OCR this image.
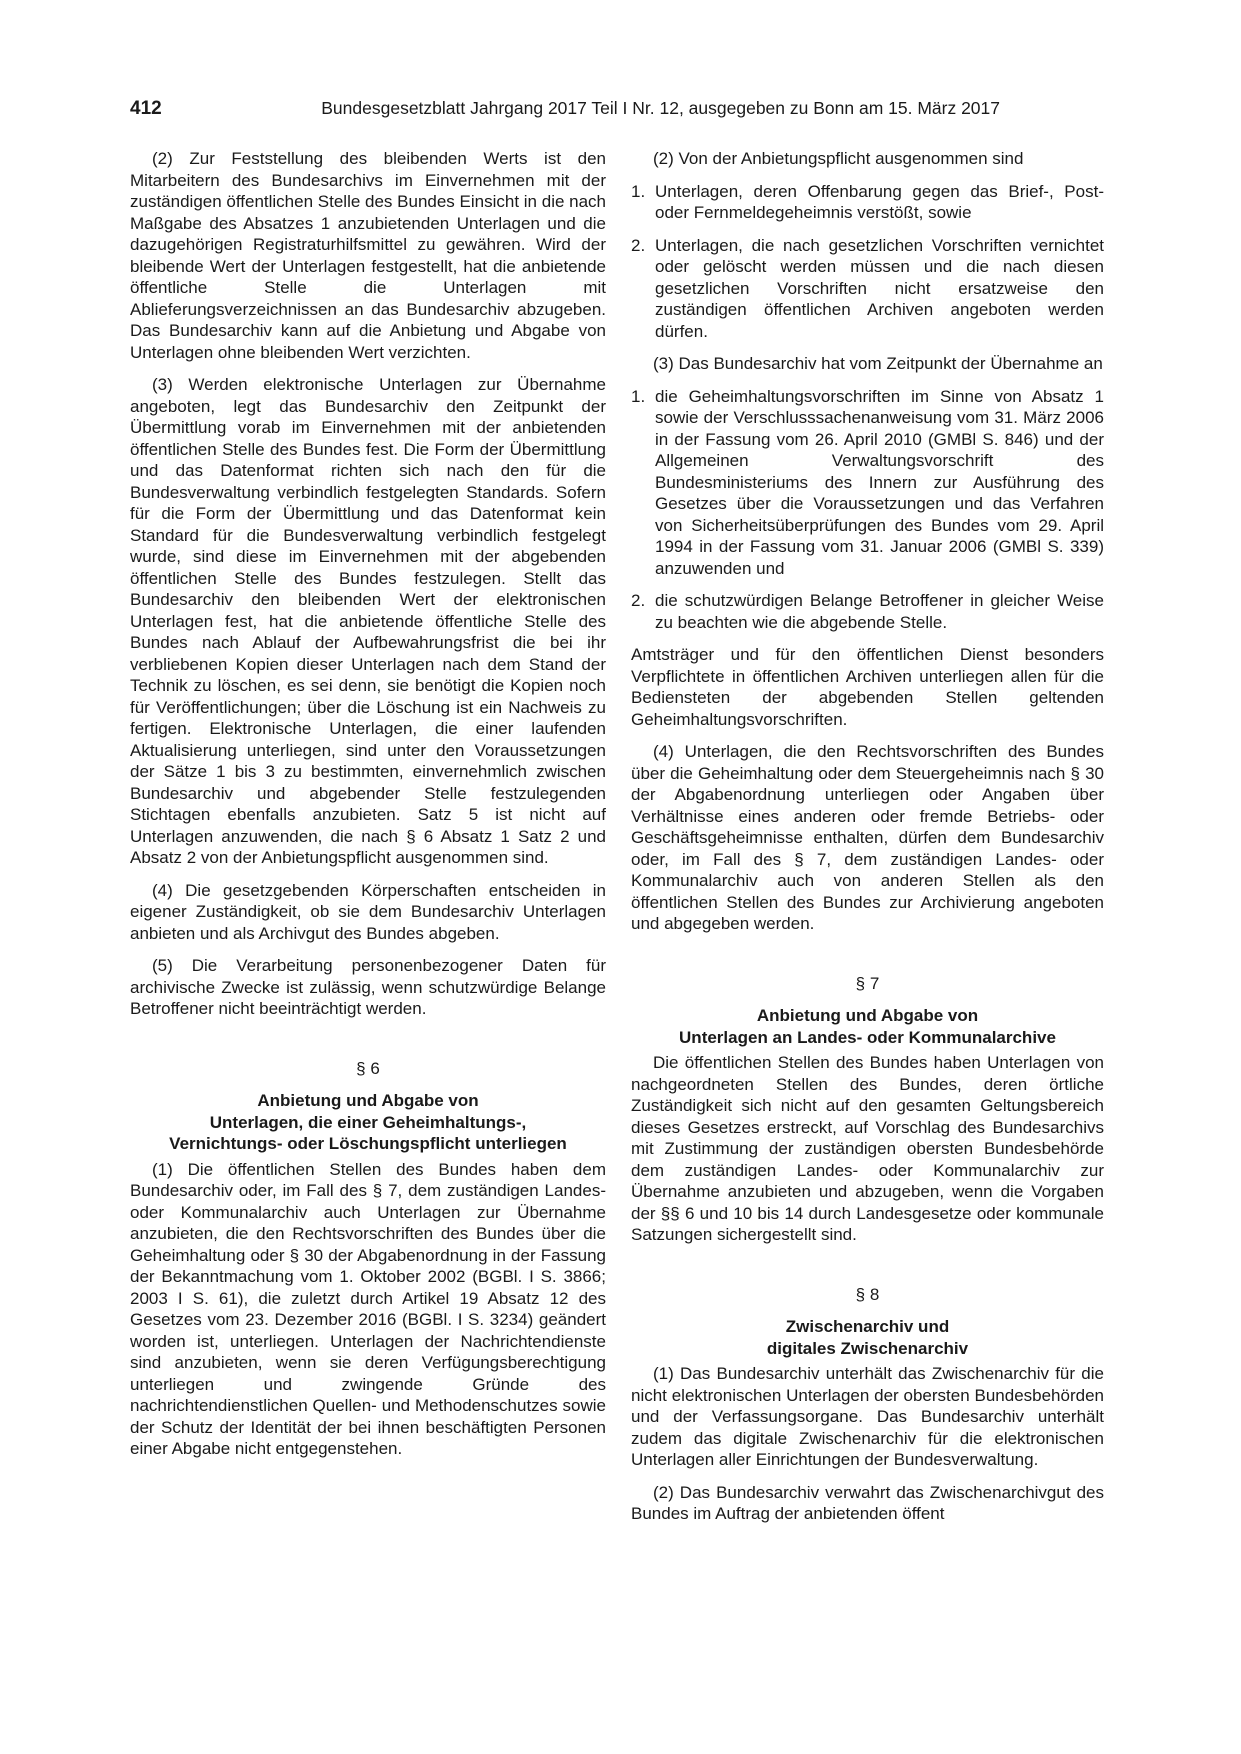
412	Bundesgesetzblatt Jahrgang 2017 Teil I Nr. 12, ausgegeben zu Bonn am 15. März 2017

(2) Zur Feststellung des bleibenden Werts ist den Mitarbeitern des Bundesarchivs im Einvernehmen mit der zuständigen öffentlichen Stelle des Bundes Einsicht in die nach Maßgabe des Absatzes 1 anzubietenden Unterlagen und die dazugehörigen Registraturhilfsmittel zu gewähren. Wird der bleibende Wert der Unterlagen festgestellt, hat die anbietende öffentliche Stelle die Unterlagen mit Ablieferungsverzeichnissen an das Bundesarchiv abzugeben. Das Bundesarchiv kann auf die Anbietung und Abgabe von Unterlagen ohne bleibenden Wert verzichten.

(3) Werden elektronische Unterlagen zur Übernahme angeboten, legt das Bundesarchiv den Zeitpunkt der Übermittlung vorab im Einvernehmen mit der anbietenden öffentlichen Stelle des Bundes fest. Die Form der Übermittlung und das Datenformat richten sich nach den für die Bundesverwaltung verbindlich festgelegten Standards. Sofern für die Form der Übermittlung und das Datenformat kein Standard für die Bundesverwaltung verbindlich festgelegt wurde, sind diese im Einvernehmen mit der abgebenden öffentlichen Stelle des Bundes festzulegen. Stellt das Bundesarchiv den bleibenden Wert der elektronischen Unterlagen fest, hat die anbietende öffentliche Stelle des Bundes nach Ablauf der Aufbewahrungsfrist die bei ihr verbliebenen Kopien dieser Unterlagen nach dem Stand der Technik zu löschen, es sei denn, sie benötigt die Kopien noch für Veröffentlichungen; über die Löschung ist ein Nachweis zu fertigen. Elektronische Unterlagen, die einer laufenden Aktualisierung unterliegen, sind unter den Voraussetzungen der Sätze 1 bis 3 zu bestimmten, einvernehmlich zwischen Bundesarchiv und abgebender Stelle festzulegenden Stichtagen ebenfalls anzubieten. Satz 5 ist nicht auf Unterlagen anzuwenden, die nach § 6 Absatz 1 Satz 2 und Absatz 2 von der Anbietungspflicht ausgenommen sind.

(4) Die gesetzgebenden Körperschaften entscheiden in eigener Zuständigkeit, ob sie dem Bundesarchiv Unterlagen anbieten und als Archivgut des Bundes abgeben.

(5) Die Verarbeitung personenbezogener Daten für archivische Zwecke ist zulässig, wenn schutzwürdige Belange Betroffener nicht beeinträchtigt werden.

§ 6
Anbietung und Abgabe von
Unterlagen, die einer Geheimhaltungs-,
Vernichtungs- oder Löschungspflicht unterliegen

(1) Die öffentlichen Stellen des Bundes haben dem Bundesarchiv oder, im Fall des § 7, dem zuständigen Landes- oder Kommunalarchiv auch Unterlagen zur Übernahme anzubieten, die den Rechtsvorschriften des Bundes über die Geheimhaltung oder § 30 der Abgabenordnung in der Fassung der Bekanntmachung vom 1. Oktober 2002 (BGBl. I S. 3866; 2003 I S. 61), die zuletzt durch Artikel 19 Absatz 12 des Gesetzes vom 23. Dezember 2016 (BGBl. I S. 3234) geändert worden ist, unterliegen. Unterlagen der Nachrichtendienste sind anzubieten, wenn sie deren Verfügungsberechtigung unterliegen und zwingende Gründe des nachrichtendienstlichen Quellen- und Methodenschutzes sowie der Schutz der Identität der bei ihnen beschäftigten Personen einer Abgabe nicht entgegenstehen.

(2) Von der Anbietungspflicht ausgenommen sind

1. Unterlagen, deren Offenbarung gegen das Brief-, Post- oder Fernmeldegeheimnis verstößt, sowie
2. Unterlagen, die nach gesetzlichen Vorschriften vernichtet oder gelöscht werden müssen und die nach diesen gesetzlichen Vorschriften nicht ersatzweise den zuständigen öffentlichen Archiven angeboten werden dürfen.

(3) Das Bundesarchiv hat vom Zeitpunkt der Übernahme an

1. die Geheimhaltungsvorschriften im Sinne von Absatz 1 sowie der Verschlusssachenanweisung vom 31. März 2006 in der Fassung vom 26. April 2010 (GMBl S. 846) und der Allgemeinen Verwaltungsvorschrift des Bundesministeriums des Innern zur Ausführung des Gesetzes über die Voraussetzungen und das Verfahren von Sicherheitsüberprüfungen des Bundes vom 29. April 1994 in der Fassung vom 31. Januar 2006 (GMBl S. 339) anzuwenden und
2. die schutzwürdigen Belange Betroffener in gleicher Weise zu beachten wie die abgebende Stelle.

Amtsträger und für den öffentlichen Dienst besonders Verpflichtete in öffentlichen Archiven unterliegen allen für die Bediensteten der abgebenden Stellen geltenden Geheimhaltungsvorschriften.

(4) Unterlagen, die den Rechtsvorschriften des Bundes über die Geheimhaltung oder dem Steuergeheimnis nach § 30 der Abgabenordnung unterliegen oder Angaben über Verhältnisse eines anderen oder fremde Betriebs- oder Geschäftsgeheimnisse enthalten, dürfen dem Bundesarchiv oder, im Fall des § 7, dem zuständigen Landes- oder Kommunalarchiv auch von anderen Stellen als den öffentlichen Stellen des Bundes zur Archivierung angeboten und abgegeben werden.

§ 7
Anbietung und Abgabe von
Unterlagen an Landes- oder Kommunalarchive

Die öffentlichen Stellen des Bundes haben Unterlagen von nachgeordneten Stellen des Bundes, deren örtliche Zuständigkeit sich nicht auf den gesamten Geltungsbereich dieses Gesetzes erstreckt, auf Vorschlag des Bundesarchivs mit Zustimmung der zuständigen obersten Bundesbehörde dem zuständigen Landes- oder Kommunalarchiv zur Übernahme anzubieten und abzugeben, wenn die Vorgaben der §§ 6 und 10 bis 14 durch Landesgesetze oder kommunale Satzungen sichergestellt sind.

§ 8
Zwischenarchiv und
digitales Zwischenarchiv

(1) Das Bundesarchiv unterhält das Zwischenarchiv für die nicht elektronischen Unterlagen der obersten Bundesbehörden und der Verfassungsorgane. Das Bundesarchiv unterhält zudem das digitale Zwischenarchiv für die elektronischen Unterlagen aller Einrichtungen der Bundesverwaltung.

(2) Das Bundesarchiv verwahrt das Zwischenarchivgut des Bundes im Auftrag der anbietenden öffent
